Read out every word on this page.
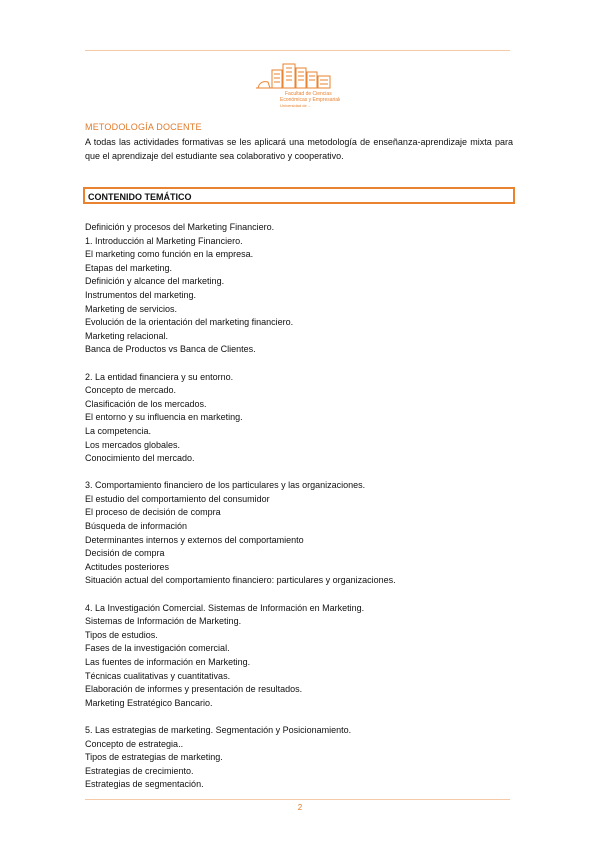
Facultad de Ciencias
Económicas y Empresariales
Universidad de ...
METODOLOGÍA DOCENTE
A todas las actividades formativas se les aplicará una metodología de enseñanza-aprendizaje mixta para que el aprendizaje del estudiante sea colaborativo y cooperativo.
CONTENIDO TEMÁTICO
Definición y procesos del Marketing Financiero.
1. Introducción al Marketing Financiero.
El marketing como función en la empresa.
Etapas del marketing.
Definición y alcance del marketing.
Instrumentos del marketing.
Marketing de servicios.
Evolución de la orientación del marketing financiero.
Marketing relacional.
Banca de Productos vs Banca de Clientes.
2. La entidad financiera y su entorno.
Concepto de mercado.
Clasificación de los mercados.
El entorno y su influencia en marketing.
La competencia.
Los mercados globales.
Conocimiento del mercado.
3. Comportamiento financiero de los particulares y las organizaciones.
El estudio del comportamiento del consumidor
El proceso de decisión de compra
Búsqueda de información
Determinantes internos y externos del comportamiento
Decisión de compra
Actitudes posteriores
Situación actual del comportamiento financiero: particulares y organizaciones.
4. La Investigación Comercial. Sistemas de Información en Marketing.
Sistemas de Información de Marketing.
Tipos de estudios.
Fases de la investigación comercial.
Las fuentes de información en Marketing.
Técnicas cualitativas y cuantitativas.
Elaboración de informes y presentación de resultados.
Marketing Estratégico Bancario.
5. Las estrategias de marketing. Segmentación y Posicionamiento.
Concepto de estrategia..
Tipos de estrategias de marketing.
Estrategias de crecimiento.
Estrategias de segmentación.
2
